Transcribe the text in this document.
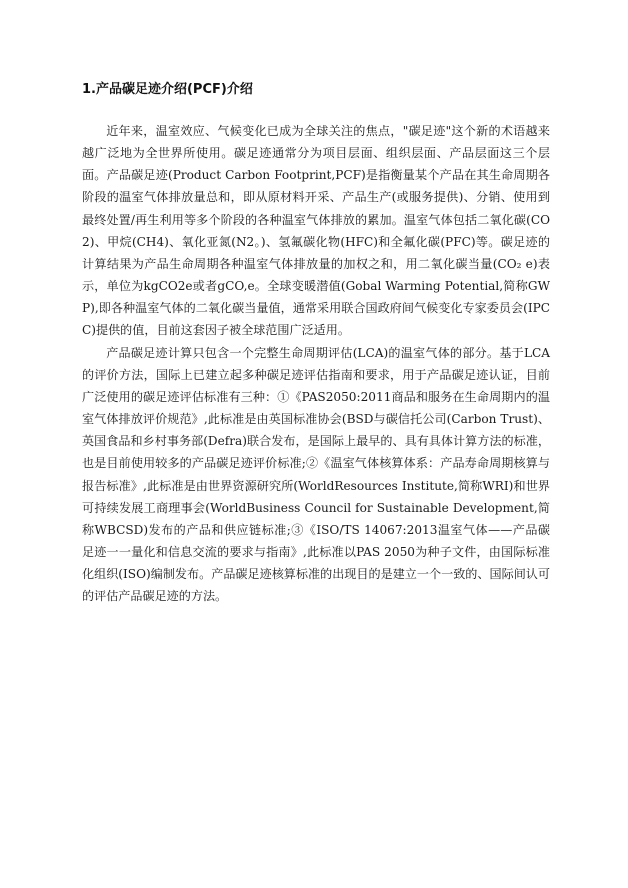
1.产品碳足迹介绍(PCF)介绍

近年来，温室效应、气候变化已成为全球关注的焦点，"碳足迹"这个新的术语越来越广泛地为全世界所使用。碳足迹通常分为项目层面、组织层面、产品层面这三个层面。产品碳足迹(Product Carbon Footprint,PCF)是指衡量某个产品在其生命周期各阶段的温室气体排放量总和，即从原材料开采、产品生产(或服务提供)、分销、使用到最终处置/再生利用等多个阶段的各种温室气体排放的累加。温室气体包括二氧化碳(CO2)、甲烷(CH4)、氧化亚氮(N2。)、氢氟碳化物(HFC)和全氟化碳(PFC)等。碳足迹的计算结果为产品生命周期各种温室气体排放量的加权之和，用二氧化碳当量(CO₂ e)表示，单位为kgCO2e或者gCO,e。全球变暖潜值(Gobal Warming Potential,简称GWP),即各种温室气体的二氧化碳当量值，通常采用联合国政府间气候变化专家委员会(IPCC)提供的值，目前这套因子被全球范围广泛适用。

产品碳足迹计算只包含一个完整生命周期评估(LCA)的温室气体的部分。基于LCA的评价方法，国际上已建立起多种碳足迹评估指南和要求，用于产品碳足迹认证，目前广泛使用的碳足迹评估标准有三种：①《PAS2050:2011商品和服务在生命周期内的温室气体排放评价规范》,此标准是由英国标准协会(BSD与碳信托公司(Carbon Trust)、英国食品和乡村事务部(Defra)联合发布，是国际上最早的、具有具体计算方法的标准，也是目前使用较多的产品碳足迹评价标准;②《温室气体核算体系：产品寿命周期核算与报告标准》,此标准是由世界资源研究所(WorldResources Institute,简称WRI)和世界可持续发展工商理事会(WorldBusiness Council for Sustainable Development,简称WBCSD)发布的产品和供应链标准;③《ISO/TS 14067:2013温室气体——产品碳足迹一一量化和信息交流的要求与指南》,此标准以PAS 2050为种子文件，由国际标准化组织(ISO)编制发布。产品碳足迹核算标准的出现目的是建立一个一致的、国际间认可的评估产品碳足迹的方法。
